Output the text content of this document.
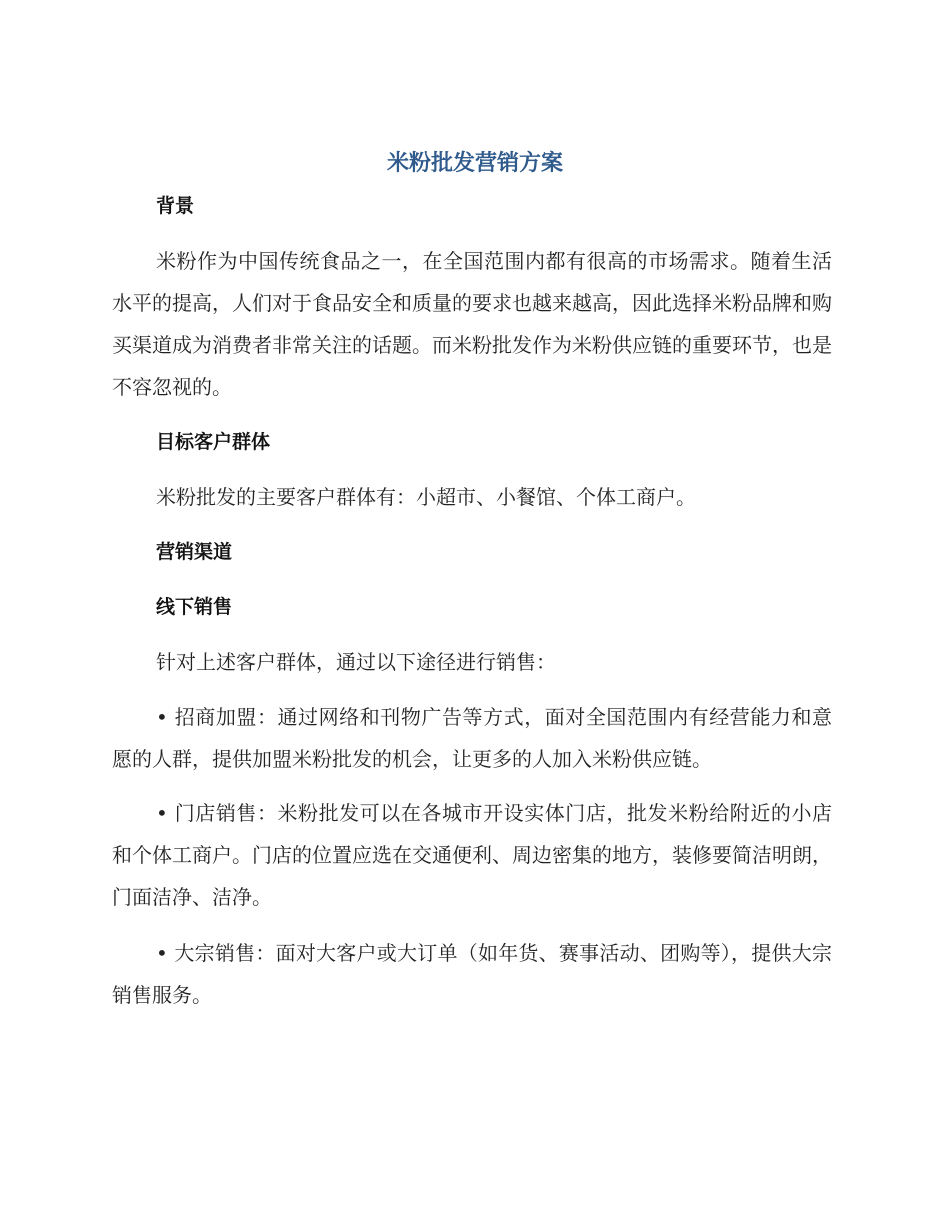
米粉批发营销方案
背景

米粉作为中国传统食品之一，在全国范围内都有很高的市场需求。随着生活水平的提高，人们对于食品安全和质量的要求也越来越高，因此选择米粉品牌和购买渠道成为消费者非常关注的话题。而米粉批发作为米粉供应链的重要环节，也是不容忽视的。

目标客户群体

米粉批发的主要客户群体有：小超市、小餐馆、个体工商户。

营销渠道
线下销售

针对上述客户群体，通过以下途径进行销售：

• 招商加盟：通过网络和刊物广告等方式，面对全国范围内有经营能力和意愿的人群，提供加盟米粉批发的机会，让更多的人加入米粉供应链。

• 门店销售：米粉批发可以在各城市开设实体门店，批发米粉给附近的小店和个体工商户。门店的位置应选在交通便利、周边密集的地方，装修要简洁明朗，门面洁净、洁净。

• 大宗销售：面对大客户或大订单（如年货、赛事活动、团购等），提供大宗销售服务。
